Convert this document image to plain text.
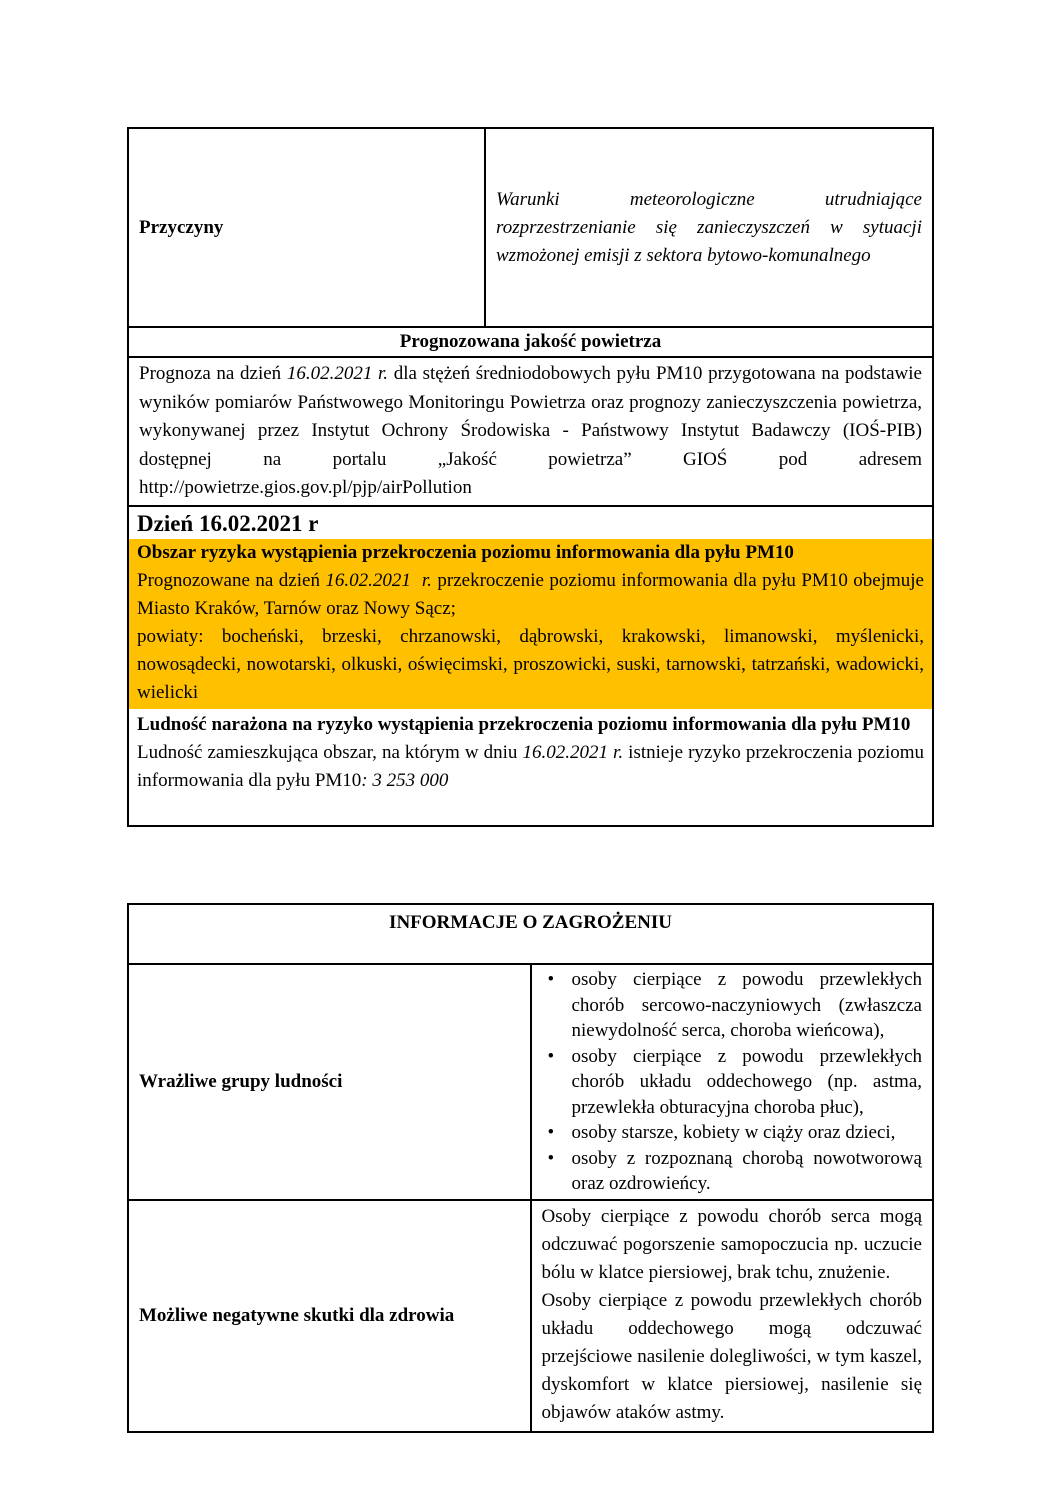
Przyczyny	Warunki meteorologiczne utrudniające rozprzestrzenianie się zanieczyszczeń w sytuacji wzmożonej emisji z sektora bytowo-komunalnego
Prognozowana jakość powietrza
Prognoza na dzień 16.02.2021 r. dla stężeń średniodobowych pyłu PM10 przygotowana na podstawie wyników pomiarów Państwowego Monitoringu Powietrza oraz prognozy zanieczyszczenia powietrza, wykonywanej przez Instytut Ochrony Środowiska - Państwowy Instytut Badawczy (IOŚ-PIB) dostępnej na portalu „Jakość powietrza” GIOŚ pod adresem http://powietrze.gios.gov.pl/pjp/airPollution

Dzień 16.02.2021 r
Obszar ryzyka wystąpienia przekroczenia poziomu informowania dla pyłu PM10
Prognozowane na dzień 16.02.2021  r. przekroczenie poziomu informowania dla pyłu PM10 obejmuje Miasto Kraków, Tarnów oraz Nowy Sącz;
powiaty: bocheński, brzeski, chrzanowski, dąbrowski, krakowski, limanowski, myślenicki, nowosądecki, nowotarski, olkuski, oświęcimski, proszowicki, suski, tarnowski, tatrzański, wadowicki, wielicki
Ludność narażona na ryzyko wystąpienia przekroczenia poziomu informowania dla pyłu PM10
Ludność zamieszkująca obszar, na którym w dniu 16.02.2021 r. istnieje ryzyko przekroczenia poziomu informowania dla pyłu PM10: 3 253 000
INFORMACJE O ZAGROŻENIU	
Wrażliwe grupy ludności	
• osoby cierpiące z powodu przewlekłych chorób sercowo-naczyniowych (zwłaszcza niewydolność serca, choroba wieńcowa),
• osoby cierpiące z powodu przewlekłych chorób układu oddechowego (np. astma, przewlekła obturacyjna choroba płuc),
• osoby starsze, kobiety w ciąży oraz dzieci,
• osoby z rozpoznaną chorobą nowotworową oraz ozdrowieńcy.

Możliwe negatywne skutki dla zdrowia	Osoby cierpiące z powodu chorób serca mogą odczuwać pogorszenie samopoczucia np. uczucie bólu w klatce piersiowej, brak tchu, znużenie.
Osoby cierpiące z powodu przewlekłych chorób układu oddechowego mogą odczuwać przejściowe nasilenie dolegliwości, w tym kaszel, dyskomfort w klatce piersiowej, nasilenie się objawów ataków astmy.
